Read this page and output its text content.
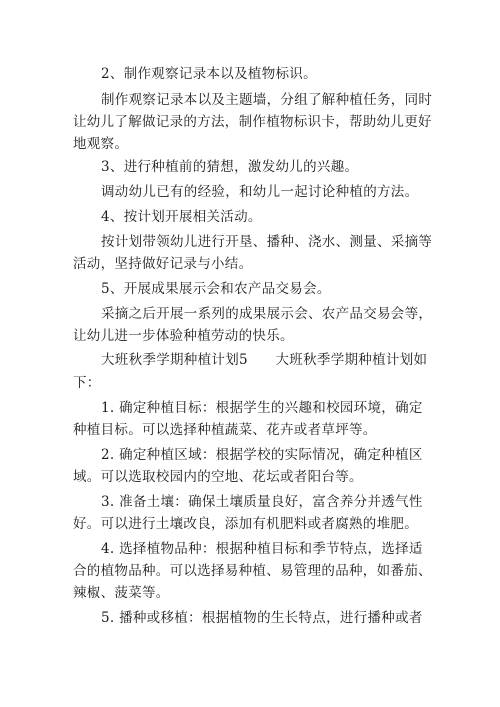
2、制作观察记录本以及植物标识。
制作观察记录本以及主题墙，分组了解种植任务，同时
让幼儿了解做记录的方法，制作植物标识卡，帮助幼儿更好
地观察。
3、进行种植前的猜想，激发幼儿的兴趣。
调动幼儿已有的经验，和幼儿一起讨论种植的方法。
4、按计划开展相关活动。
按计划带领幼儿进行开垦、播种、浇水、测量、采摘等
活动，坚持做好记录与小结。
5、开展成果展示会和农产品交易会。
采摘之后开展一系列的成果展示会、农产品交易会等，
让幼儿进一步体验种植劳动的快乐。
大班秋季学期种植计划5　　大班秋季学期种植计划如
下：
1. 确定种植目标：根据学生的兴趣和校园环境，确定
种植目标。可以选择种植蔬菜、花卉或者草坪等。
2. 确定种植区域：根据学校的实际情况，确定种植区
域。可以选取校园内的空地、花坛或者阳台等。
3. 准备土壤：确保土壤质量良好，富含养分并透气性
好。可以进行土壤改良，添加有机肥料或者腐熟的堆肥。
4. 选择植物品种：根据种植目标和季节特点，选择适
合的植物品种。可以选择易种植、易管理的品种，如番茄、
辣椒、菠菜等。
5. 播种或移植：根据植物的生长特点，进行播种或者
